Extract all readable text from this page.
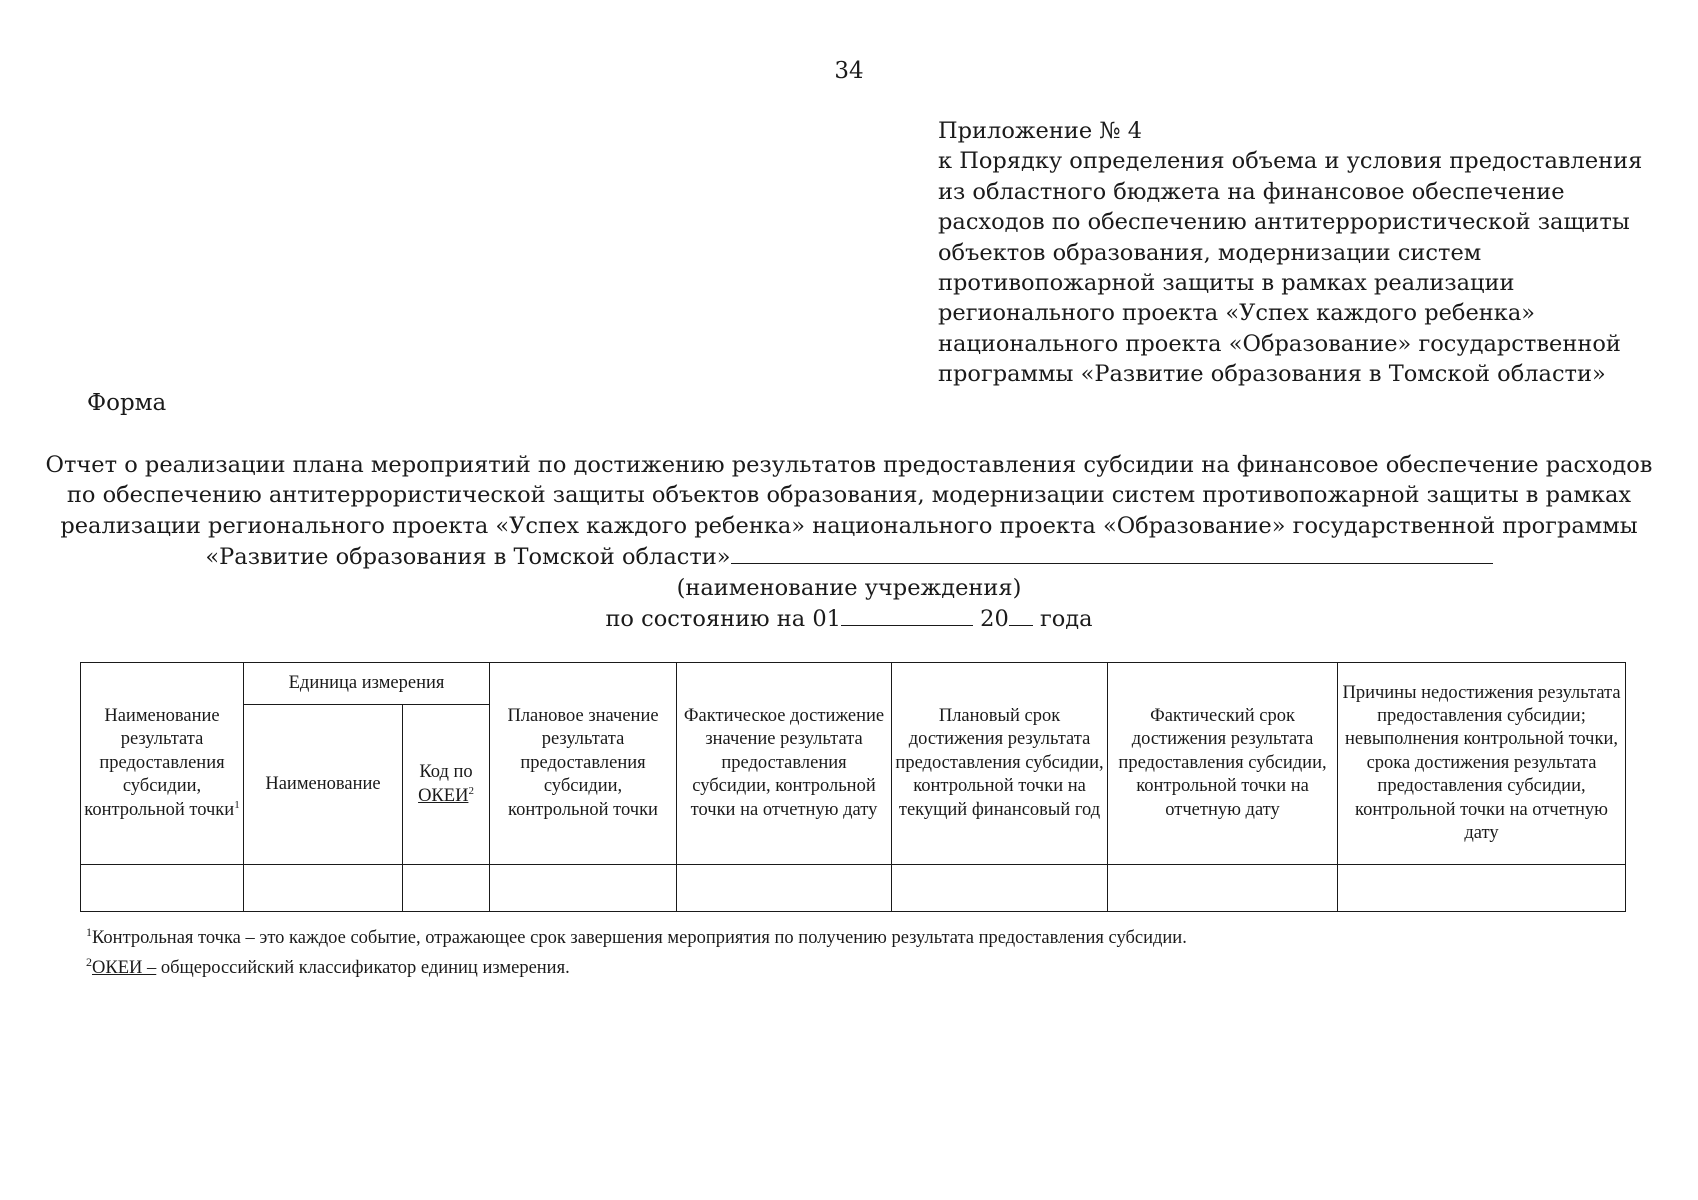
34
Приложение № 4
к Порядку определения объема и условия предоставления
из областного бюджета на финансовое обеспечение
расходов по обеспечению антитеррористической защиты
объектов образования, модернизации систем
противопожарной защиты в рамках реализации
регионального проекта «Успех каждого ребенка»
национального проекта «Образование» государственной
программы «Развитие образования в Томской области»
Форма
Отчет о реализации плана мероприятий по достижению результатов предоставления субсидии на финансовое обеспечение расходов
по обеспечению антитеррористической защиты объектов образования, модернизации систем противопожарной защиты в рамках
реализации регионального проекта «Успех каждого ребенка» национального проекта «Образование» государственной программы
«Развитие образования в Томской области»
(наименование учреждения)
по состоянию на 01	20 года
Наименование результата предоставления субсидии, контрольной точки$^1$	Единица измерения		Плановое значение результата предоставления субсидии, контрольной точки	Фактическое достижение значение результата предоставления субсидии, контрольной точки на отчетную дату	Плановый срок достижения результата предоставления субсидии, контрольной точки на текущий финансовый год	Фактический срок достижения результата предоставления субсидии, контрольной точки на отчетную дату	Причины недостижения результата предоставления субсидии;
невыполнения контрольной точки, срока достижения результата предоставления субсидии, контрольной точки на отчетную дату

	Наименование	Код по
ОКЕИ$^2$

$^1$Контрольная точка – это каждое событие, отражающее срок завершения мероприятия по получению результата предоставления субсидии.
$^2$ОКЕИ – общероссийский классификатор единиц измерения.
